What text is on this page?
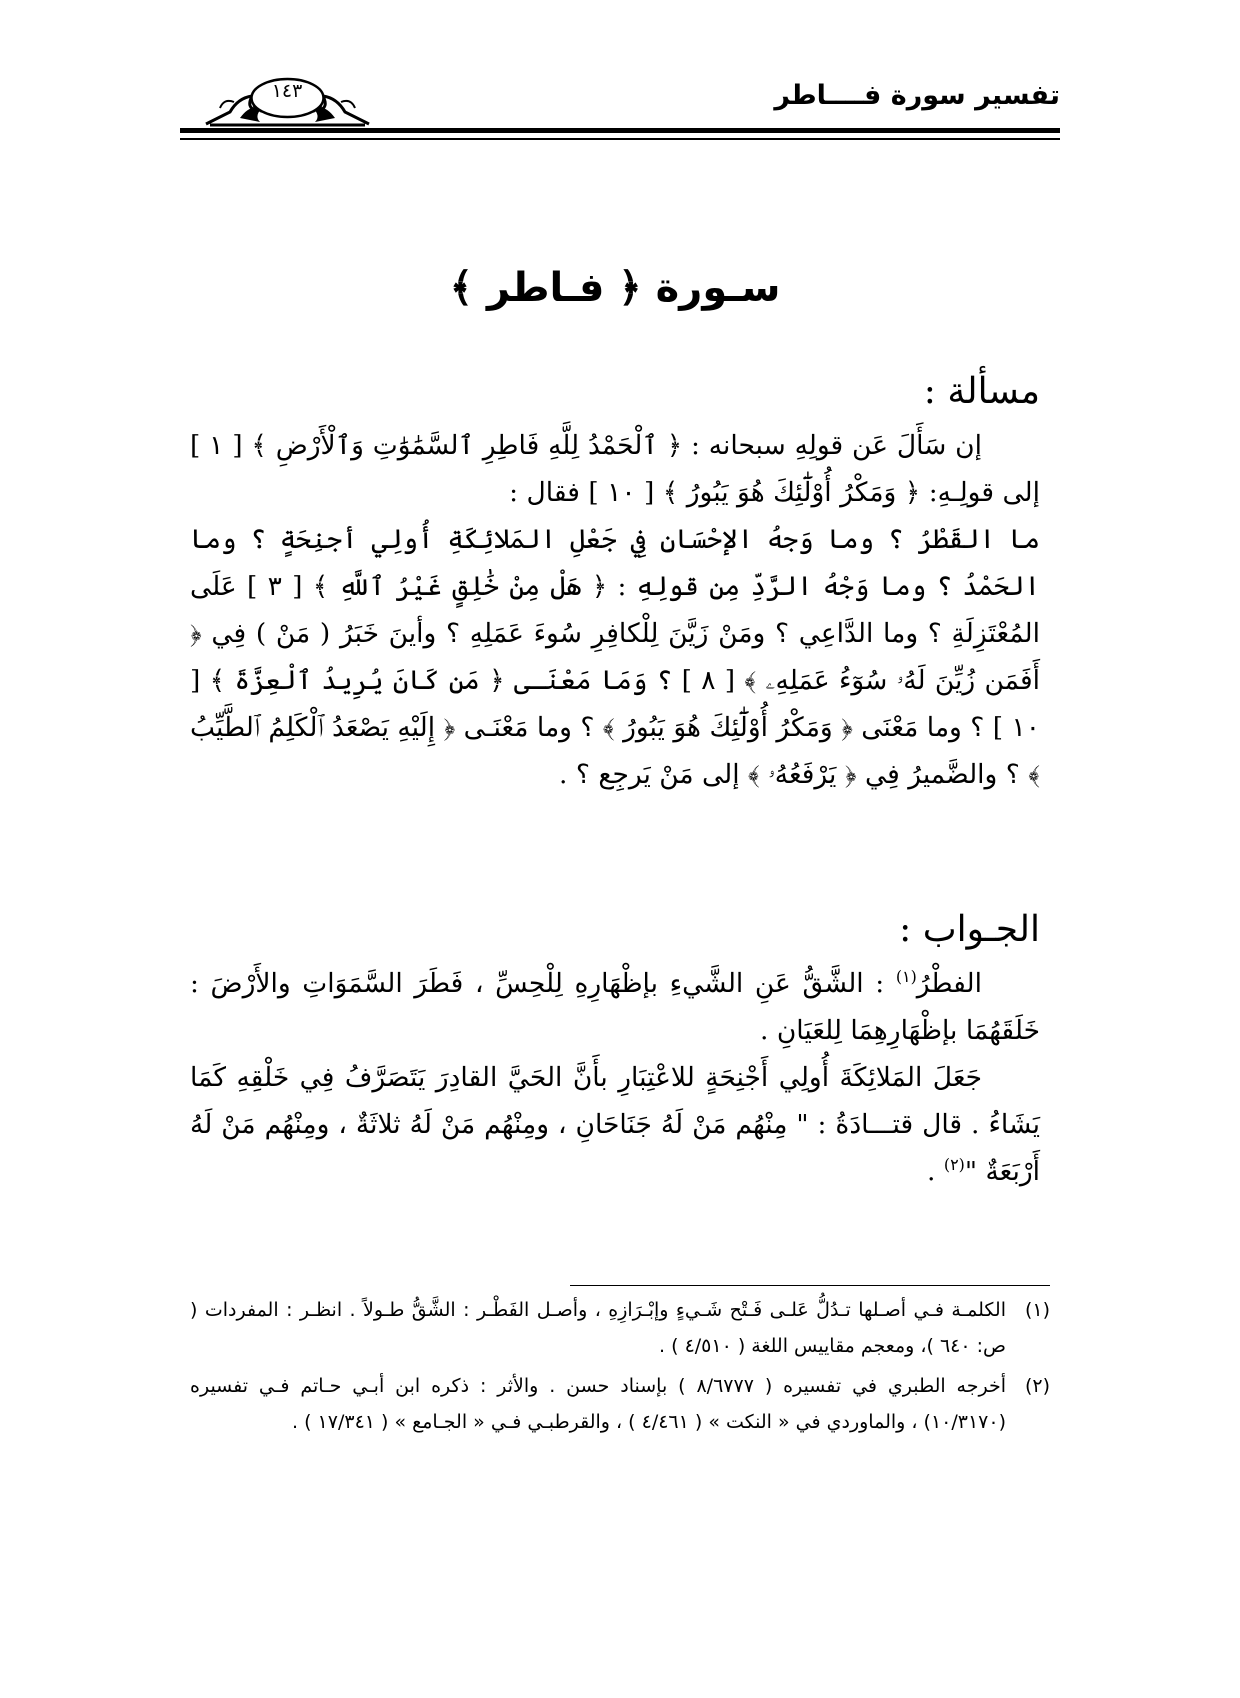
تفسير سورة فــــاطر
١٤٣
سـورة ﴿ فـاطر ﴾

مسألة :

إن سَأَلَ عَن قولِهِ سبحانه : ﴿ ٱلْحَمْدُ لِلَّهِ فَاطِرِ ٱلسَّمَٰوَٰتِ وَٱلْأَرْضِ ﴾ [ ١ ] إلى قولِـهِ: ﴿ وَمَكْرُ أُوْلَٰٓئِكَ هُوَ يَبُورُ ﴾ [ ١٠ ] فقال :

ما القَطْرُ ؟ وما وَجهُ الإحْسَانِ فِي جَعْلِ المَلائِكَةِ أُولِي أجنِحَةٍ ؟ وما الحَمْدُ ؟ وما وَجْهُ الرَّدِّ مِن قولِهِ : ﴿ هَلْ مِنْ خَٰلِقٍ غَيْرُ ٱللَّهِ ﴾ [ ٣ ] عَلَى المُعْتَزِلَةِ ؟ وما الدَّاعِي ؟ ومَنْ زَيَّنَ لِلْكافِرِ سُوءَ عَمَلِهِ ؟ وأينَ خَبَرُ ( مَنْ ) فِي ﴿ أَفَمَن زُيِّنَ لَهُۥ سُوٓءُ عَمَلِهِۦ ﴾ [ ٨ ] ؟ وَمَا مَعْنَـى ﴿ مَن كَانَ يُرِيدُ ٱلْعِزَّةَ ﴾ [ ١٠ ] ؟ وما مَعْنَى ﴿ وَمَكْرُ أُوْلَٰٓئِكَ هُوَ يَبُورُ ﴾ ؟ وما مَعْنَـى ﴿ إِلَيْهِ يَصْعَدُ ٱلْكَلِمُ ٱلطَّيِّبُ ﴾ ؟ والضَّميرُ فِي ﴿ يَرْفَعُهُۥ ﴾ إلى مَنْ يَرجِع ؟ .

الجـواب :

الفطْرُ$^{(١)}$ : الشَّقُّ عَنِ الشَّيءِ بإظْهَارِهِ لِلْحِسِّ ، فَطَرَ السَّمَوَاتِ والأَرْضَ : خَلَقَهُمَا بإظْهَارِهِمَا لِلعَيَانِ .

جَعَلَ المَلائِكَةَ أُولِي أَجْنِحَةٍ للاعْتِبَارِ بأَنَّ الحَيَّ القادِرَ يَتَصَرَّفُ فِي خَلْقِهِ كَمَا يَشَاءُ . قال قتـــادَةُ : " مِنْهُم مَنْ لَهُ جَنَاحَانِ ، ومِنْهُم مَنْ لَهُ ثلاثَةٌ ، ومِنْهُم مَنْ لَهُ أَرْبَعَةٌ "$^{(٢)}$ .

(١)
الكلمـة فـي أصـلها تـدُلُّ عَلـى فَـتْح شَـيءٍ وإبْـرَازِهِ ، وأصـل الفَطْـر : الشَّقُّ طـولاً . انظـر : المفردات ( ص: ٦٤٠ )، ومعجم مقاييس اللغة ( ٤/٥١٠ ) .

(٢)
أخرجه الطبري في تفسيره ( ٨/٦٧٧٧ ) بإسناد حسن . والأثر : ذكره ابن أبـي حـاتم فـي تفسيره (١٠/٣١٧٠) ، والماوردي في « النكت » ( ٤/٤٦١ ) ، والقرطبـي فـي « الجـامع » ( ١٧/٣٤١ ) .
